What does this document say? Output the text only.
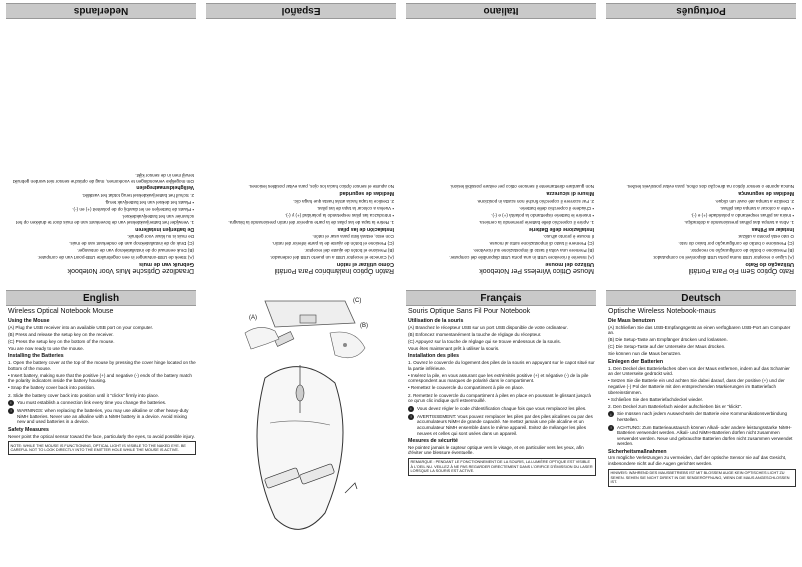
Português
Italiano
Español
Nederlands
Rato Óptico Sem Fio Para Portátil
Utilização do Rato

(A) Ligue o receptor USB numa porta USB disponível no computador.

(B) Pressione o botão de configuração no receptor.

(C) Pressione o botão de configuração por baixo do rato.

O rato está pronto a utilizar.

Instalar as Pilhas

1. Abra a tampa das pilhas pressionando a dobradiça.

• Insira as pilhas respeitando a polaridade (+) e (-).

• Volte a colocar a tampa das pilhas.

2. Deslize a tampa até ouvir um clique.

Medidas de segurança

Nunca aponte o sensor óptico na direcção dos olhos, para evitar possíveis lesões.

Mouse Ottico Wireless Per Notebook
Utilizzo del mouse

(A) Inserire il ricevitore USB in una porta USB disponibile del computer.

(B) Premere una volta il tasto di impostazione sul ricevitore.

(C) Premere il tasto di impostazione sotto al mouse.

Il mouse è pronto all'uso.

Installazione delle Batterie

1. Aprire il coperchio delle batterie premendo la cerniera.

• Inserire le batterie rispettando la polarità (+) e (-).

• Chiudere il coperchio delle batterie.

2. Far scorrere il coperchio finché non scatta in posizione.

Misure di sicurezza

Non guardare direttamente il sensore ottico per evitare possibili lesioni.

Ratón Óptico Inalámbrico Para Portátil
Cómo utilizar el ratón

(A) Conecte el receptor USB a un puerto USB del ordenador.

(B) Presione el botón de ajuste del receptor.

(C) Presione el botón de ajuste de la parte inferior del ratón.

Con esto, estará listo para usar el ratón.

Instalación de las pilas

1. Retire la tapa de las pilas de la parte superior del ratón presionando la bisagra.

• Introduzca las pilas respetando la polaridad (+) y (-).

• Vuelva a colocar la tapa de las pilas.

2. Deslice la tapa hacia atrás hasta que haga clic.

Medidas de seguridad

No apunte el sensor óptico hacia los ojos, para evitar posibles lesiones.

Draadloze Optische Muis Voor Notebook
Gebruik van de muis

(A) Steek de USB-ontvanger in een ongebruikte USB-poort van de computer.

(B) Druk eenmaal op de installatieknop van de ontvanger.

(C) Druk op de installatieknop aan de onderkant van de muis.

De muis is nu klaar voor gebruik.

De batterijen installeren

1. Verwijder het batterijvakdeksel van de bovenkant van de muis door te drukken op het scharnier van het batterijvakdeksel.

• Plaats de batterijen en let daarbij op de polariteit (+) en (-).

• Plaats het deksel van het batterijvak terug.

2. Schuif het batterijvakdeksel terug totdat het vastklikt.

Veiligheidsmaatregelen

Om mogelijke verwondingen te voorkomen, mag de optische sensor niet worden gebruikt terwijl men in de sensor kijkt.

English	Français	Deutsch
Wireless Optical Notebook Mouse
Using the Mouse

(A) Plug the USB receiver into an available USB port on your computer.

(B) Press and release the setup key on the receiver.

(C) Press the setup key on the bottom of the mouse.

You are now ready to use the mouse.

Installing the Batteries

1. Open the battery cover at the top of the mouse by pressing the cover hinge located on the bottom of the mouse.

• Insert battery, making sure that the positive (+) and negative (-) ends of the battery match the polarity indicators inside the battery housing.

• Snap the battery cover back into position.

2. Slide the battery cover back into position until it "clicks" firmly into place.

i	You must establish a connection link every time you change the batteries.
!	WARNINGS: when replacing the batteries, you may use alkaline or other heavy-duty NiMH batteries. Never use an alkaline with a NiMH battery in a device. Avoid mixing new and used batteries in a device.
Safety Measures

Never point the optical sensor toward the face, particularly the eyes, to avoid possible injury.

NOTE: WHILE THE MOUSE IS FUNCTIONING, OPTICAL LIGHT IS VISIBLE TO THE NAKED EYE. BE CAREFUL NOT TO LOOK DIRECTLY INTO THE EMITTER HOLE WHILE THE MOUSE IS ACTIVE.
(A)
(B)
(C)
Souris Optique Sans Fil Pour Notebook
Utilisation de la souris

(A) Branchez le récepteur USB sur un port USB disponible de votre ordinateur.

(B) Enfoncez momentanément la touche de réglage du récepteur.

(C) Appuyez sur la touche de réglage qui se trouve endessous de la souris.

Vous êtes maintenant prêt à utiliser la souris.

Installation des piles

1. Ouvrez le couvercle du logement des piles de la souris en appuyant sur le capot situé sur la partie inférieure.

• Insérez la pile, en vous assurant que les extrémités positive (+) et négative (-) de la pile correspondent aux marques de polarité dans le compartiment.

• Remettez le couvercle du compartiment à pile en place.

2. Remettez le couvercle du compartiment à piles en place en poussant le glissant jusqu'à ce qu'un clic indique qu'il estverrouillé.

i	Vous devez régler le code d'identification chaque fois que vous remplacez les piles.
!	AVERTISSEMENT: Vous pouvez remplacer les piles par des piles alcalines ou par des accumulateurs NiMH de grande capacité. Ne mettez jamais une pile alcaline et un accumulateur NiMH ensemble dans le même appareil. Evitez de mélanger les piles neuves et celles qui sont usées dans un appareil.
Mesures de sécurité

Ne pointez jamais le capteur optique vers le visage, et en particulier vers les yeux, afin d'éviter une blessure éventuelle.

REMARQUE : PENDANT LE FONCTIONNEMENT DE LA SOURIS, LA LUMIÈRE OPTIQUE EST VISIBLE À L'OEIL NU. VEILLEZ À NE PAS REGARDER DIRECTEMENT DANS L'ORIFICE D'ÉMISSION DU LASER LORSQUE LA SOURIS EST ACTIVE.
Optische Wireless Notebook-maus
Die Maus benutzen

(A) Schließen Sie das USB-Empfangsgerät an einen verfügbaren USB-Port am Computer an.

(B) Die Setup-Taste am Empfänger drücken und loslassen.

(C) Die Setup-Taste auf der Unterseite der Maus drücken.

Sie können nun die Maus benutzen.

Einlegen der Batterien

1. Den Deckel des Batteriefaches oben von der Maus entfernen, indem auf das Scharnier an der Unterseite gedrückt wird.

• Setzen Sie die Batterie ein und achten Sie dabei darauf, dass der positive (+) und der negative (-) Pol der Batterie mit den entsprechenden Markierungen im Batteriefach übereinstimmen.

• Schließen Sie den Batteriefachdeckel wieder.

2. Den Deckel zum Batteriefach wieder aufschieben bis er "klickt".

i	Sie müssen nach jedem Auswechseln der Batterie eine Kommunikationsverbindung herstellen.
!	ACHTUNG: Zum Batterieaustausch können Alkali- oder andere leistungsstarke NiMH-Batterien verwendet werden. Alkali- und NiMH-Batterien dürfen nicht zusammen verwendet werden. Neue und gebrauchte Batterien dürfen nicht zusammen verwendet werden.
Sicherheitsmaßnahmen

Um mögliche Verletzungen zu vermeiden, darf der optische Sensor nie auf das Gesicht, insbesondere nicht auf die Augen gerichtet werden.

HINWEIS: WÄHREND DES MAUSBETRIEBS IST MIT BLOSSEM AUGE KEIN OPTISCHES LICHT ZU SEHEN. SEHEN SIE NICHT DIREKT IN DIE SENDERÖFFNUNG, WENN DIE MAUS ANGESCHLOSSEN IST.
